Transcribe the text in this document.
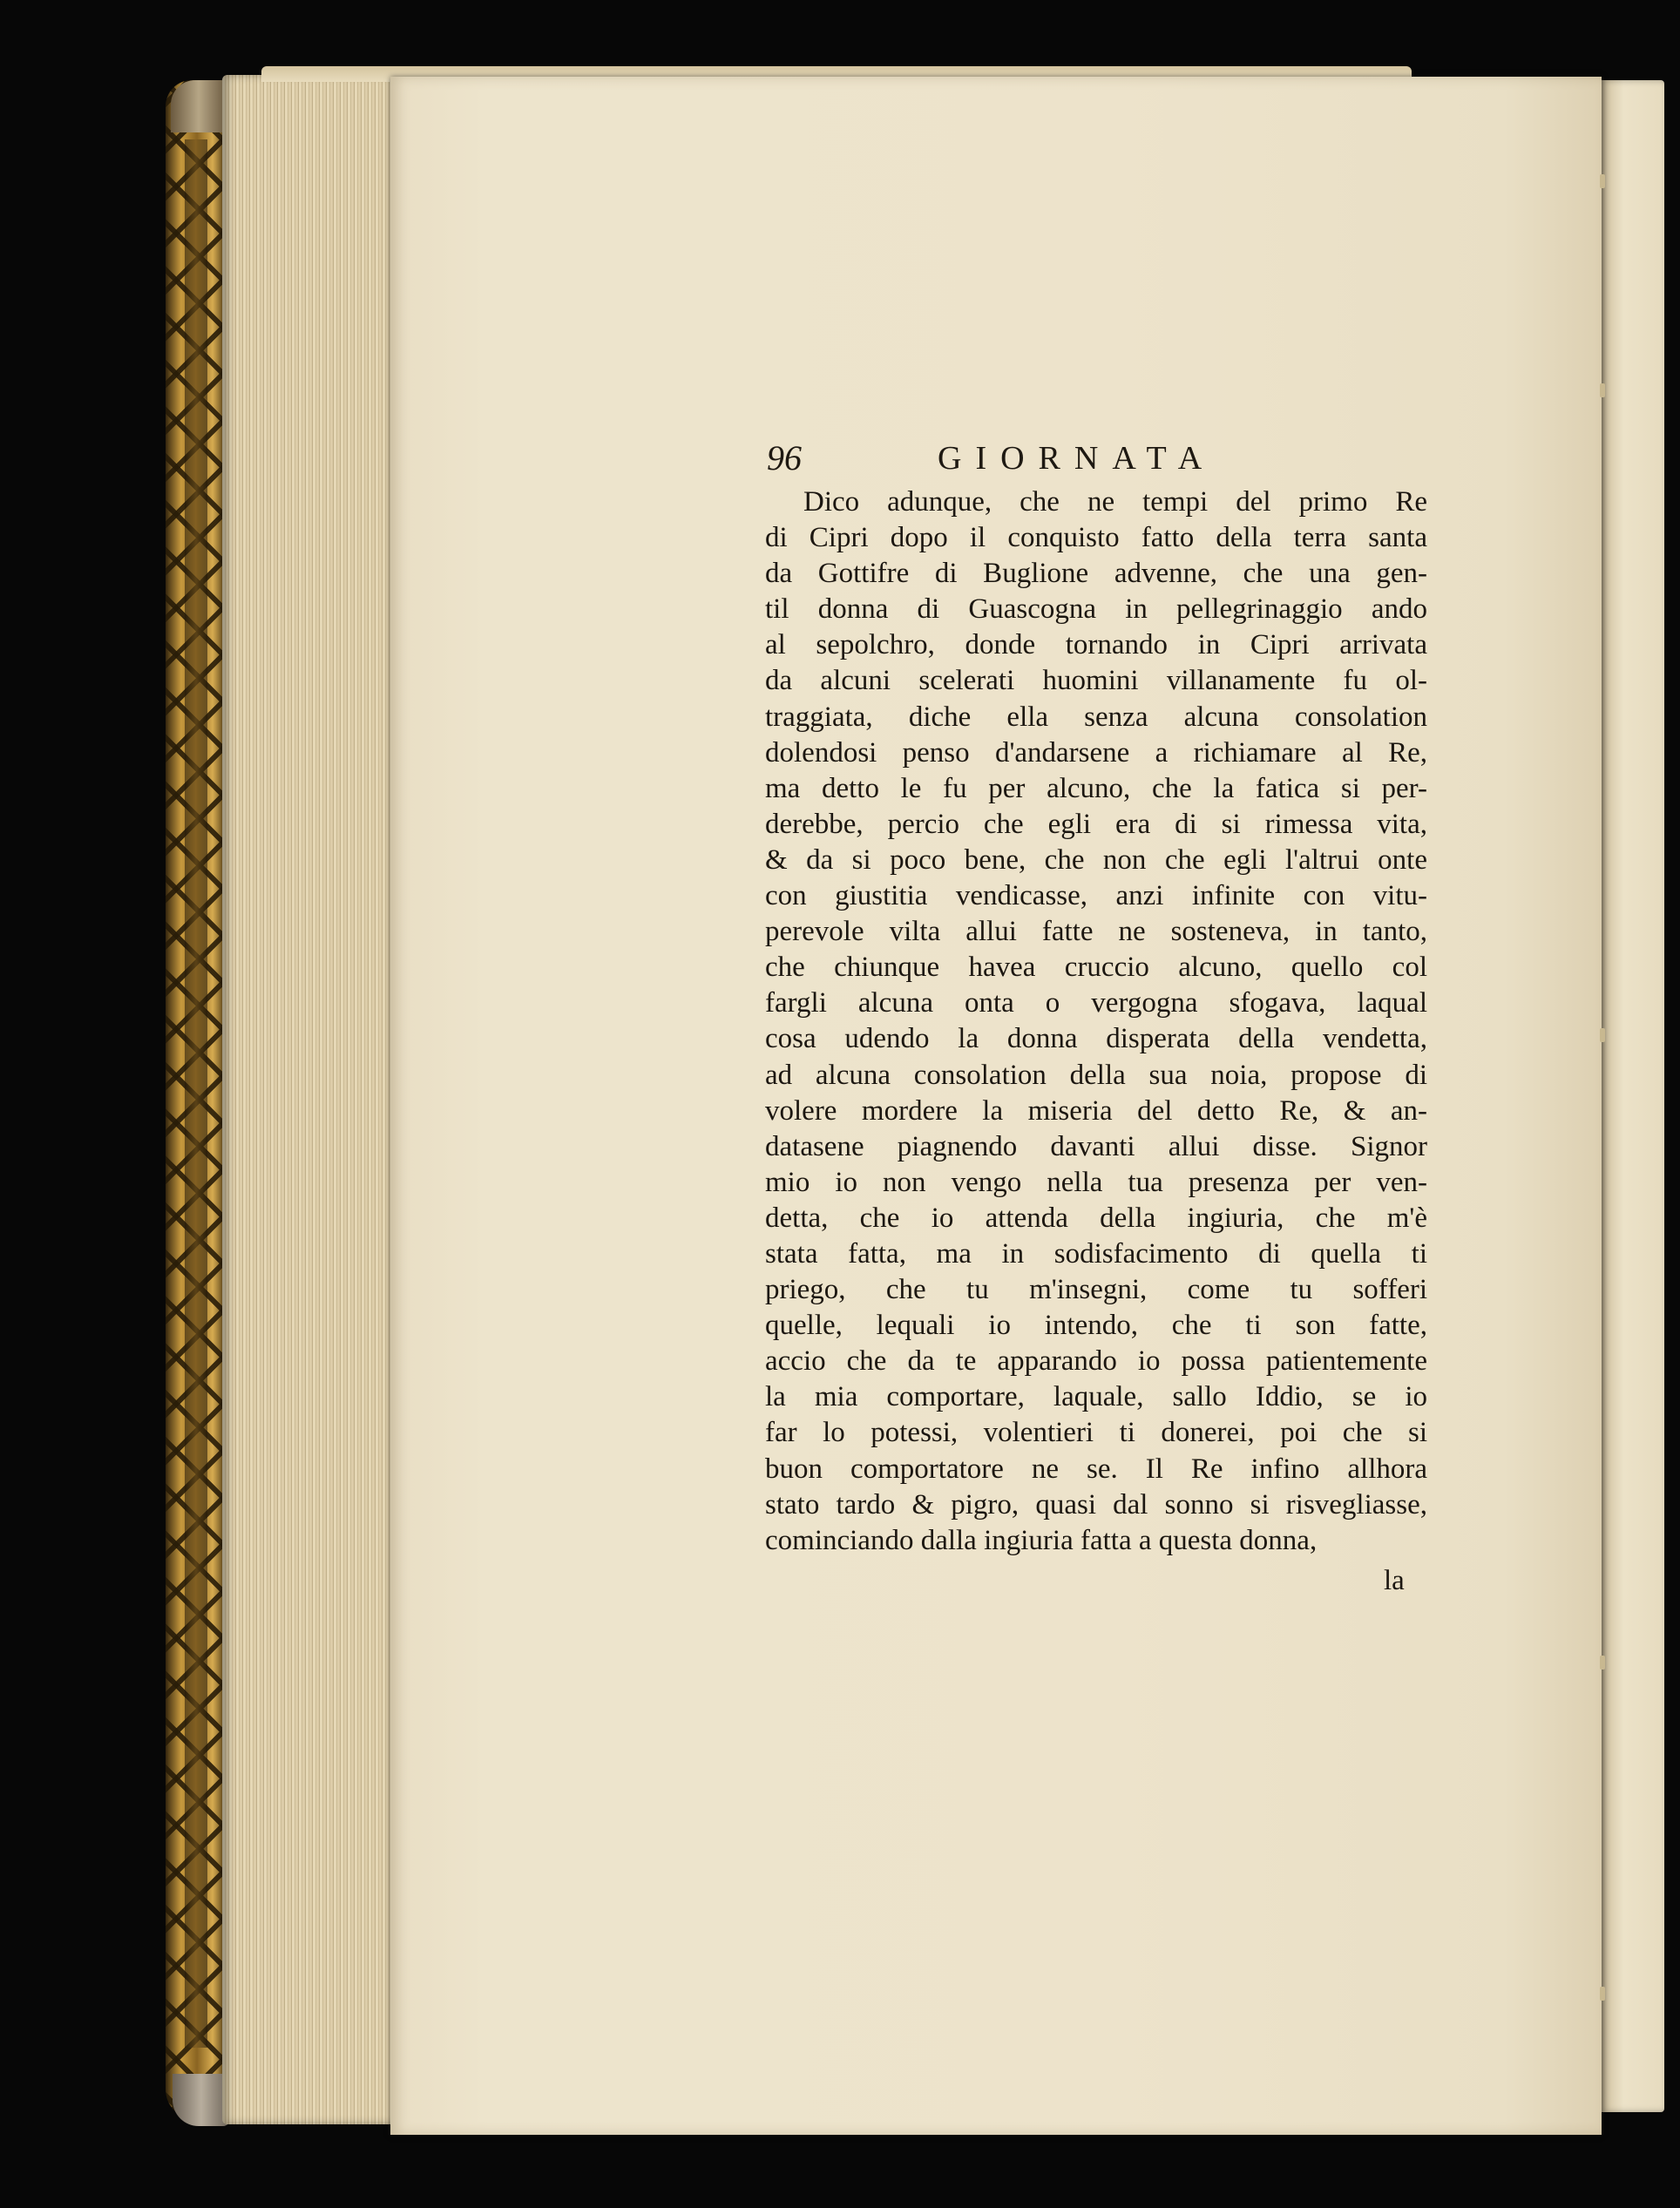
96	GIORNATA
Dico adunque, che ne tempi del primo Re
di Cipri dopo il conquisto fatto della terra santa
da Gottifre di Buglione advenne, che una gen-
til donna di Guascogna in pellegrinaggio ando
al sepolchro, donde tornando in Cipri arrivata
da alcuni scelerati huomini villanamente fu ol-
traggiata, diche ella senza alcuna consolation
dolendosi penso d'andarsene a richiamare al Re,
ma detto le fu per alcuno, che la fatica si per-
derebbe, percio che egli era di si rimessa vita,
& da si poco bene, che non che egli l'altrui onte
con giustitia vendicasse, anzi infinite con vitu-
perevole vilta allui fatte ne sosteneva, in tanto,
che chiunque havea cruccio alcuno, quello col
fargli alcuna onta o vergogna sfogava, laqual
cosa udendo la donna disperata della vendetta,
ad alcuna consolation della sua noia, propose di
volere mordere la miseria del detto Re, & an-
datasene piagnendo davanti allui disse. Signor
mio io non vengo nella tua presenza per ven-
detta, che io attenda della ingiuria, che m'è
stata fatta, ma in sodisfacimento di quella ti
priego, che tu m'insegni, come tu sofferi
quelle, lequali io intendo, che ti son fatte,
accio che da te apparando io possa patientemente
la mia comportare, laquale, sallo Iddio, se io
far lo potessi, volentieri ti donerei, poi che si
buon comportatore ne se. Il Re infino allhora
stato tardo & pigro, quasi dal sonno si risvegliasse,
cominciando dalla ingiuria fatta a questa donna,
la
